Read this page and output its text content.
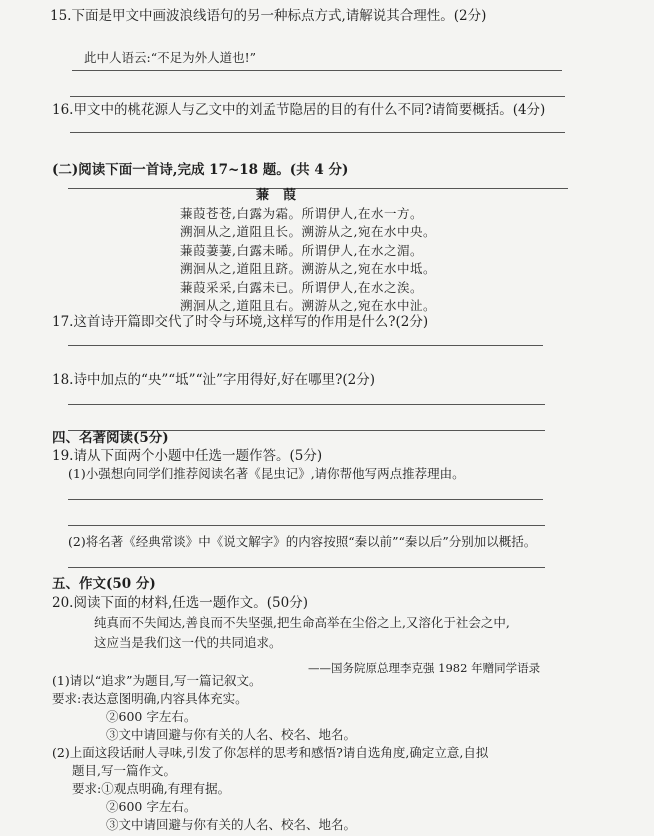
15.下面是甲文中画波浪线语句的另一种标点方式,请解说其合理性。(2分)
此中人语云:“不足为外人道也!”
16.甲文中的桃花源人与乙文中的刘孟节隐居的目的有什么不同?请简要概括。(4分)
(二)阅读下面一首诗,完成 17~18 题。(共 4 分)
蒹葭
蒹葭苍苍,白露为霜。所谓伊人,在水一方。
溯洄从之,道阻且长。溯游从之,宛在水中央。
蒹葭萋萋,白露未晞。所谓伊人,在水之湄。
溯洄从之,道阻且跻。溯游从之,宛在水中坻。
蒹葭采采,白露未已。所谓伊人,在水之涘。
溯洄从之,道阻且右。溯游从之,宛在水中沚。
17.这首诗开篇即交代了时令与环境,这样写的作用是什么?(2分)
18.诗中加点的“央”“坻”“沚”字用得好,好在哪里?(2分)
四、名著阅读(5分)
19.请从下面两个小题中任选一题作答。(5分)
(1)小强想向同学们推荐阅读名著《昆虫记》,请你帮他写两点推荐理由。
(2)将名著《经典常谈》中《说文解字》的内容按照“秦以前”“秦以后”分别加以概括。
五、作文(50 分)
20.阅读下面的材料,任选一题作文。(50分)
纯真而不失闻达,善良而不失坚强,把生命高举在尘俗之上,又溶化于社会之中,
这应当是我们这一代的共同追求。
——国务院原总理李克强 1982 年赠同学语录
(1)请以“追求”为题目,写一篇记叙文。
要求:表达意图明确,内容具体充实。
②600 字左右。
③文中请回避与你有关的人名、校名、地名。
(2)上面这段话耐人寻味,引发了你怎样的思考和感悟?请自选角度,确定立意,自拟
题目,写一篇作文。
要求:①观点明确,有理有据。
②600 字左右。
③文中请回避与你有关的人名、校名、地名。
